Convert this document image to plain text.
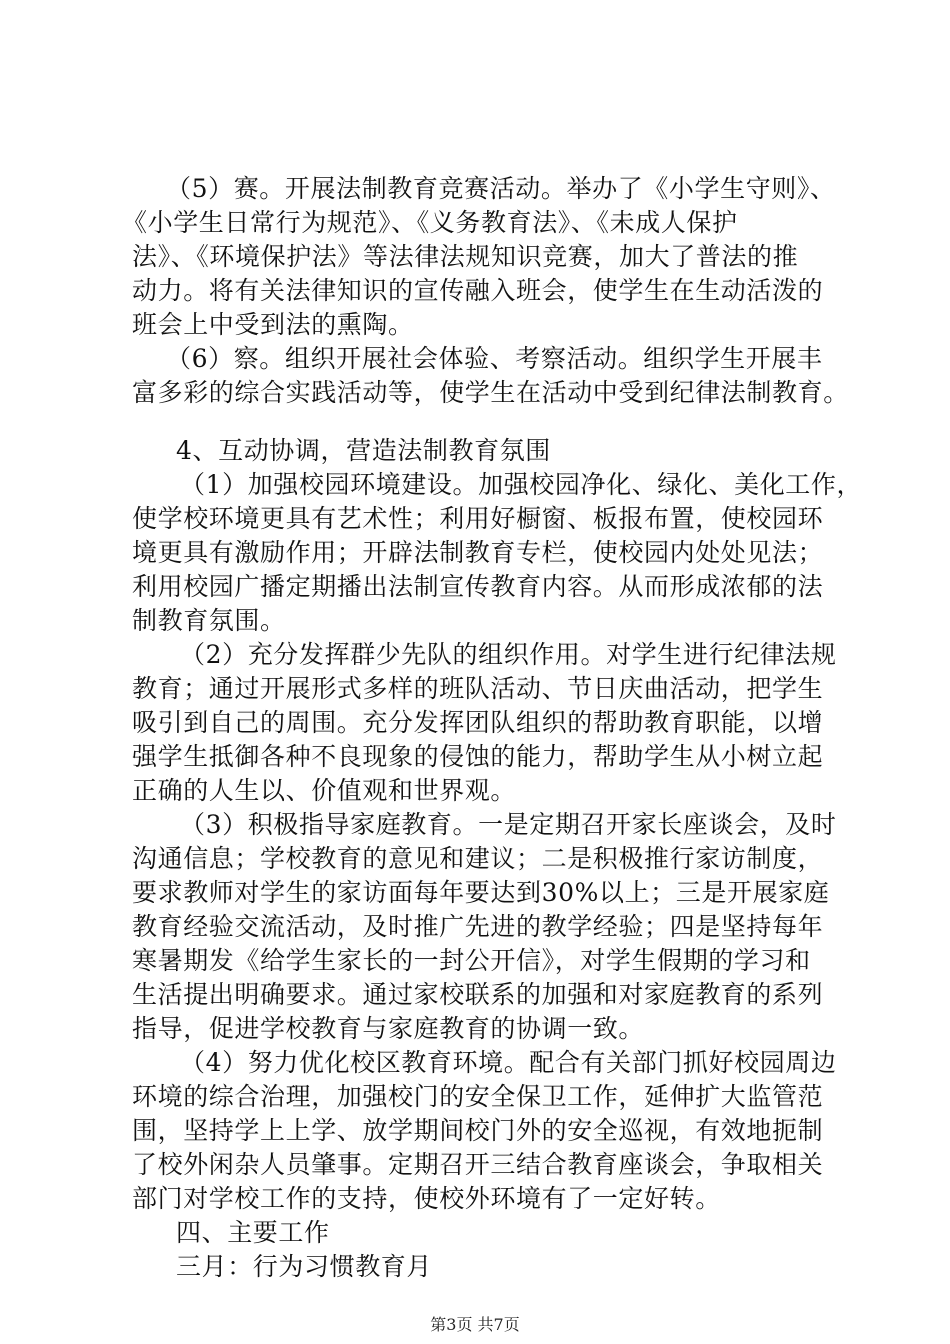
（5）赛。开展法制教育竞赛活动。举办了《小学生守则》、
《小学生日常行为规范》、《义务教育法》、《未成人保护
法》、《环境保护法》等法律法规知识竞赛，加大了普法的推
动力。将有关法律知识的宣传融入班会，使学生在生动活泼的
班会上中受到法的熏陶。
（6）察。组织开展社会体验、考察活动。组织学生开展丰
富多彩的综合实践活动等，使学生在活动中受到纪律法制教育。
4、互动协调，营造法制教育氛围
（1）加强校园环境建设。加强校园净化、绿化、美化工作，
使学校环境更具有艺术性；利用好橱窗、板报布置，使校园环
境更具有激励作用；开辟法制教育专栏，使校园内处处见法；
利用校园广播定期播出法制宣传教育内容。从而形成浓郁的法
制教育氛围。
（2）充分发挥群少先队的组织作用。对学生进行纪律法规
教育；通过开展形式多样的班队活动、节日庆曲活动，把学生
吸引到自己的周围。充分发挥团队组织的帮助教育职能，以增
强学生抵御各种不良现象的侵蚀的能力，帮助学生从小树立起
正确的人生以、价值观和世界观。
（3）积极指导家庭教育。一是定期召开家长座谈会，及时
沟通信息；学校教育的意见和建议；二是积极推行家访制度，
要求教师对学生的家访面每年要达到30%以上；三是开展家庭
教育经验交流活动，及时推广先进的教学经验；四是坚持每年
寒暑期发《给学生家长的一封公开信》，对学生假期的学习和
生活提出明确要求。通过家校联系的加强和对家庭教育的系列
指导，促进学校教育与家庭教育的协调一致。
（4）努力优化校区教育环境。配合有关部门抓好校园周边
环境的综合治理，加强校门的安全保卫工作，延伸扩大监管范
围，坚持学上上学、放学期间校门外的安全巡视，有效地扼制
了校外闲杂人员肇事。定期召开三结合教育座谈会，争取相关
部门对学校工作的支持，使校外环境有了一定好转。
四、主要工作
三月：行为习惯教育月
第3页 共7页
